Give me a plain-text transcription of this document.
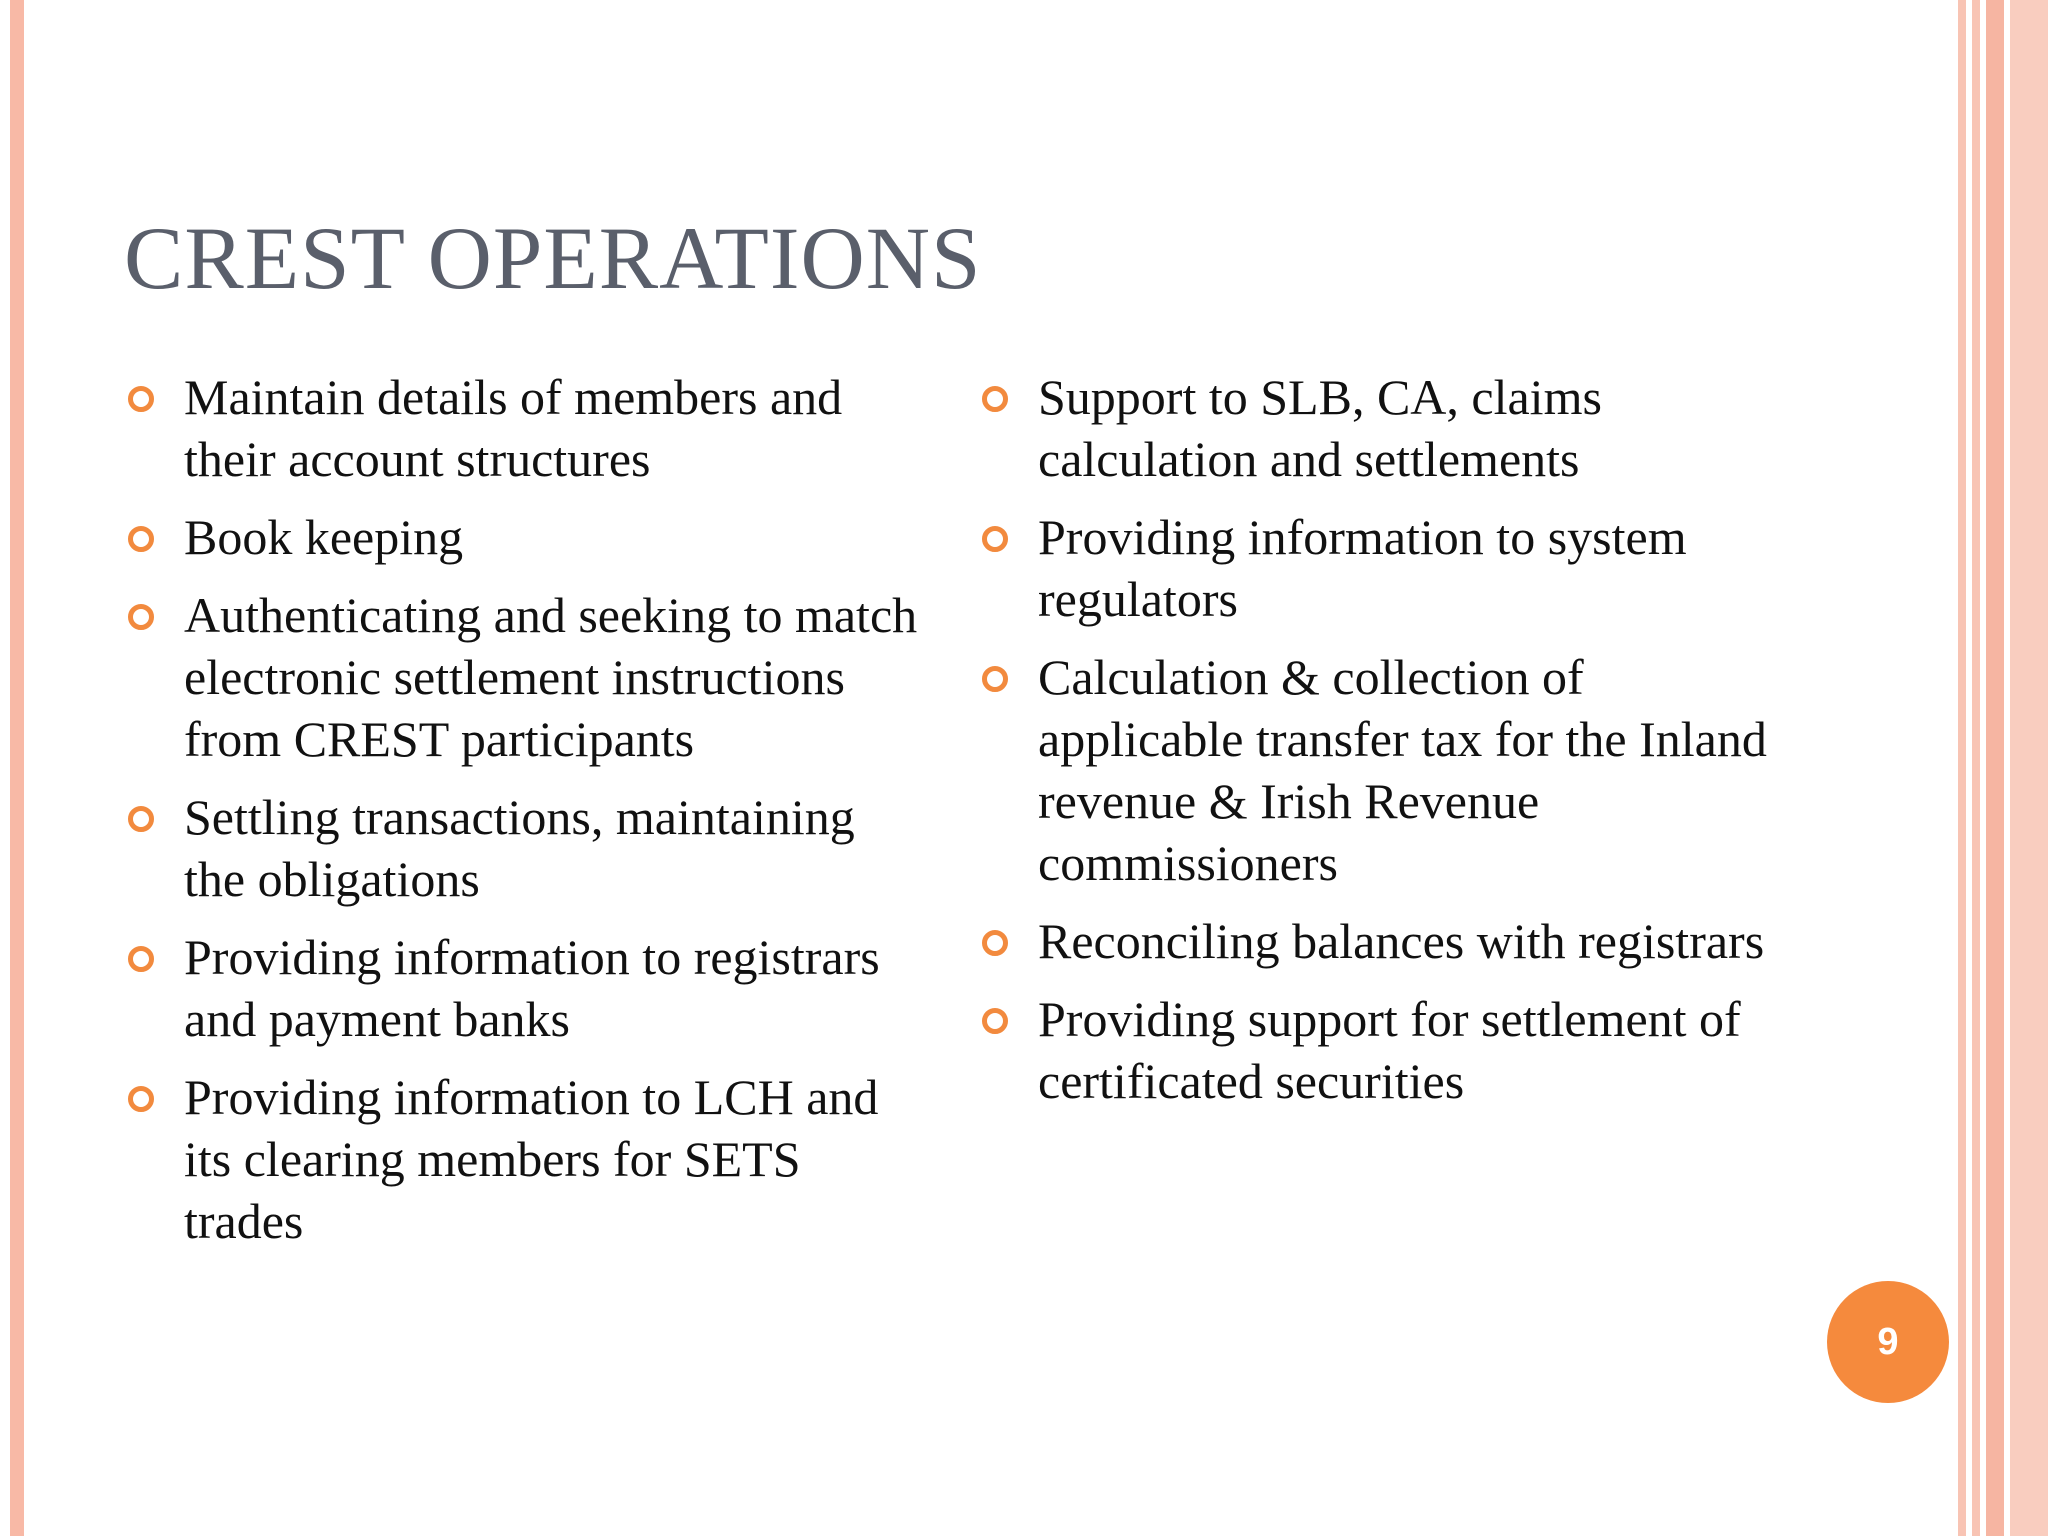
CREST OPERATIONS
Maintain details of members and their account structures
Book keeping
Authenticating and seeking to match electronic settlement instructions from CREST participants
Settling transactions, maintaining the obligations
Providing information to registrars and payment banks
Providing information to LCH and its clearing members for SETS trades
Support to SLB, CA, claims calculation and settlements
Providing information to system regulators
Calculation & collection of applicable transfer tax for the Inland revenue & Irish Revenue commissioners
Reconciling balances with registrars
Providing support for settlement of certificated securities
9
